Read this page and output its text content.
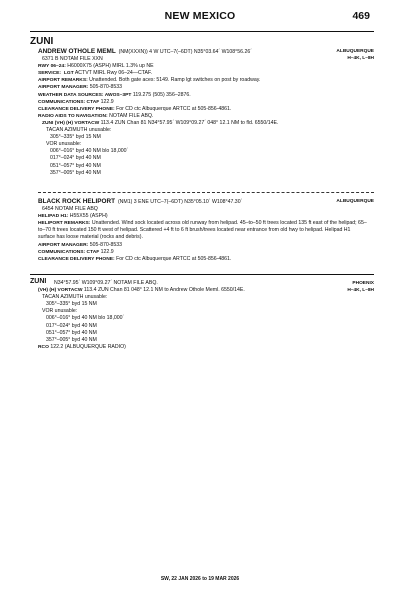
NEW MEXICO	469
ZUNI
ALBUQUERQUE
H–4K, L–8H
ANDREW OTHOLE MEML (NM(XXXN)) 4 W UTC–7(–6DT) N35°03.64´ W108°56.26´
6371 B NOTAM FILE XXN
RWY 06–24: H6000X75 (ASPH) MIRL 1.3% up NE
SERVICE: LGT ACTVT MIRL Rwy 06–24—CTAF.
AIRPORT REMARKS: Unattended. Both gate aces: 5149. Ramp lgt switches on post by roadway.
AIRPORT MANAGER: 505-870-8533
WEATHER DATA SOURCES: AWOS–3PT 119.275 (505) 356–2876.
COMMUNICATIONS: CTAF 122.9
CLEARANCE DELIVERY PHONE: For CD ctc Albuquerque ARTCC at 505-856-4861.
RADIO AIDS TO NAVIGATION: NOTAM FILE ABQ.
ZUNI (VH) (H) VORTACW 113.4 ZUN Chan 81 N34°57.95´ W109°09.27´ 048° 12.1 NM to fld. 6550/14E.
TACAN AZIMUTH unusable:
305°–335° byd 15 NM
VOR unusable:
006°–016° byd 40 NM blo 18,000´
017°–024° byd 40 NM
051°–057° byd 40 NM
357°–005° byd 40 NM
ALBUQUERQUE
BLACK ROCK HELIPORT (NM1) 3 ENE UTC–7(–6DT) N35°05.10´ W108°47.30´
6454 NOTAM FILE ABQ
HELIPAD H1: H55X55 (ASPH)
HELIPORT REMARKS: Unattended. Wind sock located across old runway from helipad. 45–to–50 ft trees located 135 ft east of the helipad; 65–to–70 ft trees located 150 ft west of helipad. Scattered +4 ft to 6 ft brush/trees located near entrance from old hwy to helipad. Helipad H1 surface has loose material (rocks and debris).
AIRPORT MANAGER: 505-870-8533
COMMUNICATIONS: CTAF 122.9
CLEARANCE DELIVERY PHONE: For CD ctc Albuquerque ARTCC at 505-856-4861.
ZUNI	PHOENIX
H–4K, L–8H
N34°57.95´ W109°09.27´ NOTAM FILE ABQ.
(VH) (H) VORTACW 113.4 ZUN Chan 81 048° 12.1 NM to Andrew Othole Meml. 6550/14E.
TACAN AZIMUTH unusable:
305°–335° byd 15 NM
VOR unusable:
006°–016° byd 40 NM blo 18,000´
017°–024° byd 40 NM
051°–057° byd 40 NM
357°–005° byd 40 NM
RCO 122.2 (ALBUQUERQUE RADIO)
SW, 22 JAN 2026 to 19 MAR 2026
